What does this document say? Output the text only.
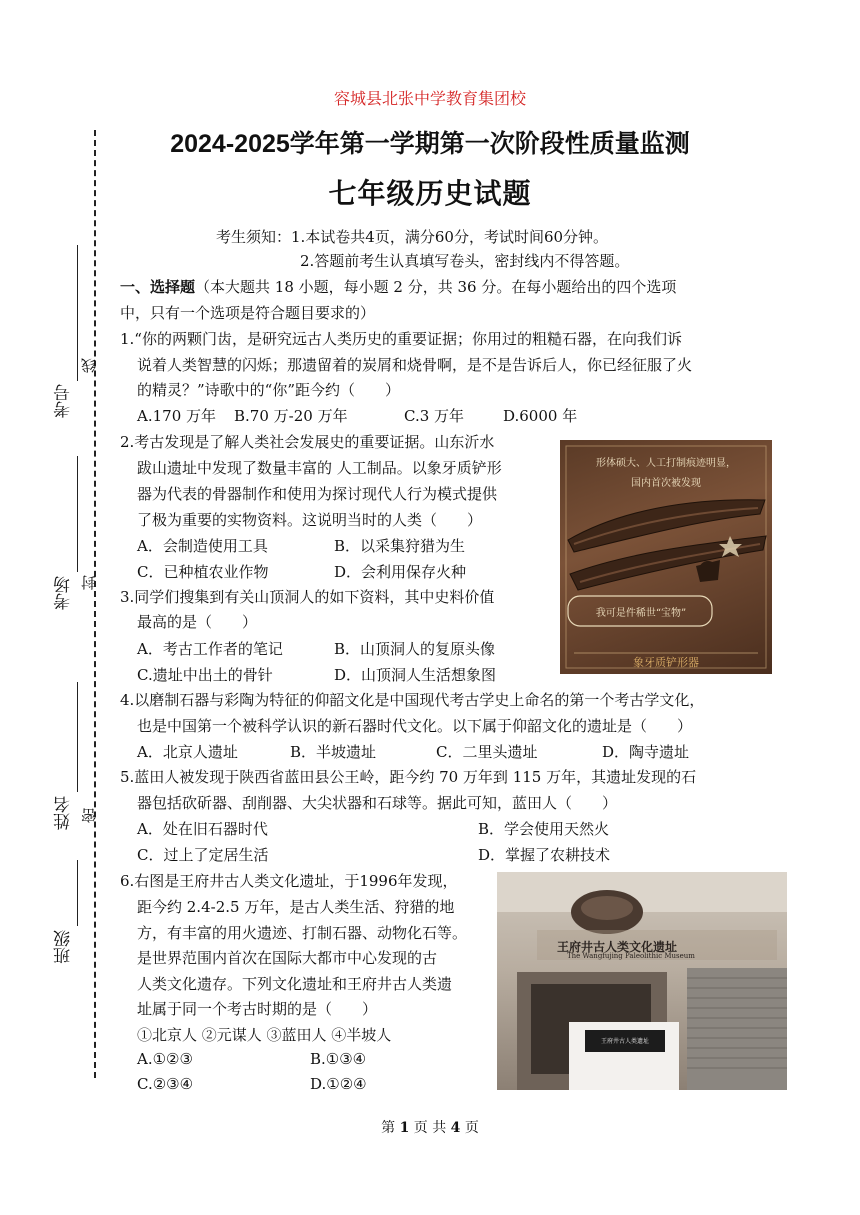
考号
考场
姓名
班级
线
封
密
容城县北张中学教育集团校
2024-2025学年第一学期第一次阶段性质量监测
七年级历史试题
考生须知：1.本试卷共4页，满分60分，考试时间60分钟。
2.答题前考生认真填写卷头，密封线内不得答题。
一、选择题（本大题共 18 小题，每小题 2 分，共 36 分。在每小题给出的四个选项
中，只有一个选项是符合题目要求的）
1.“你的两颗门齿，是研究远古人类历史的重要证据；你用过的粗糙石器，在向我们诉
说着人类智慧的闪烁；那遗留着的炭屑和烧骨啊，是不是告诉后人，你已经征服了火
的精灵？”诗歌中的“你”距今约（　　）
A.170 万年 B.70 万-20 万年	C.3 万年	D.6000 年
2.考古发现是了解人类社会发展史的重要证据。山东沂水
跋山遗址中发现了数量丰富的 人工制品。以象牙质铲形
器为代表的骨器制作和使用为探讨现代人行为模式提供
了极为重要的实物资料。这说明当时的人类（　　）
A．会制造使用工具	B．以采集狩猎为生
C．已种植农业作物	D．会利用保存火种
3.同学们搜集到有关山顶洞人的如下资料，其中史料价值
最高的是（　　）
A．考古工作者的笔记	B．山顶洞人的复原头像
C.遗址中出土的骨针	D．山顶洞人生活想象图
形体硕大、人工打制痕迹明显，
国内首次被发现
我可是件稀世“宝物”
象牙质铲形器
4.以磨制石器与彩陶为特征的仰韶文化是中国现代考古学史上命名的第一个考古学文化，
也是中国第一个被科学认识的新石器时代文化。以下属于仰韶文化的遗址是（　　）
A．北京人遗址	B．半坡遗址	C．二里头遗址	D．陶寺遗址
5.蓝田人被发现于陕西省蓝田县公王岭，距今约 70 万年到 115 万年，其遗址发现的石
器包括砍斫器、刮削器、大尖状器和石球等。据此可知，蓝田人（　　）
A．处在旧石器时代	B．学会使用天然火
C．过上了定居生活	D．掌握了农耕技术
6.右图是王府井古人类文化遗址，于1996年发现，
距今约 2.4-2.5 万年，是古人类生活、狩猎的地
方，有丰富的用火遗迹、打制石器、动物化石等。
是世界范围内首次在国际大都市中心发现的古
人类文化遗存。下列文化遗址和王府井古人类遗
址属于同一个考古时期的是（　　）
①北京人 ②元谋人 ③蓝田人 ④半坡人
A.①②③	B.①③④
C.②③④	D.①②④
王府井古人类文化遗址
The Wangfujing Paleolithic Museum
王府井古人类遗址
第 1 页 共 4 页
